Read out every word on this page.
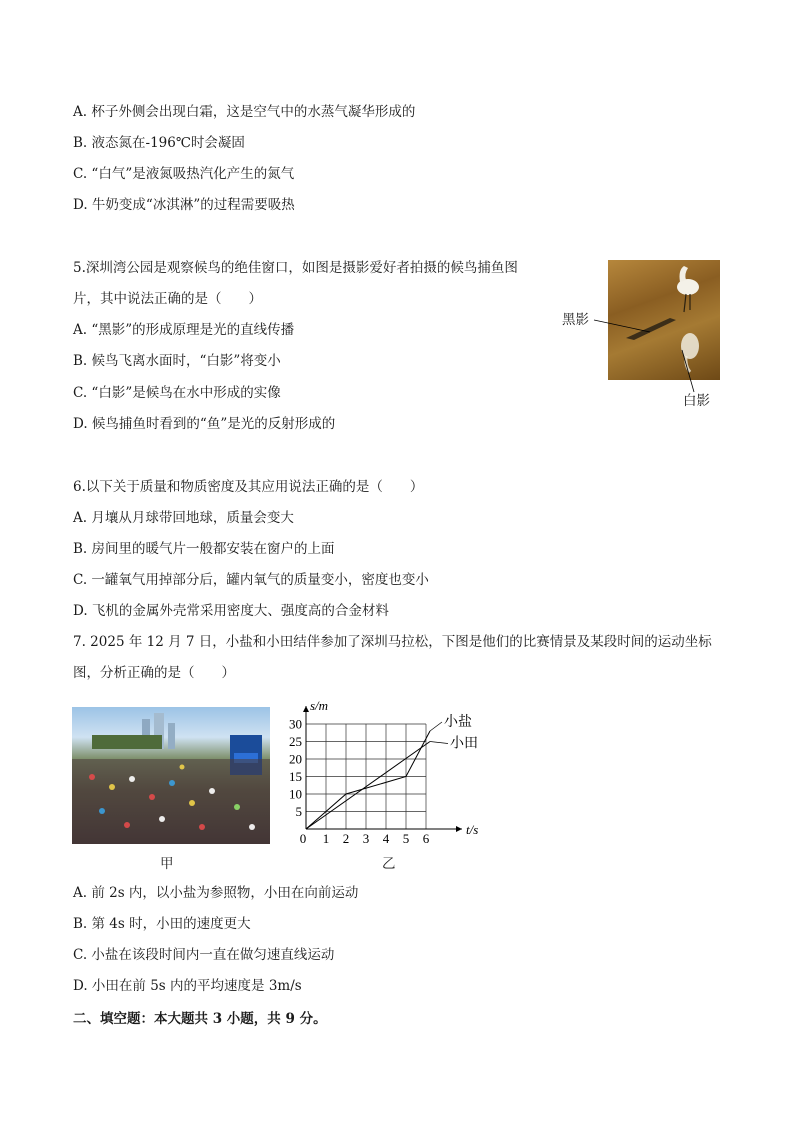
A. 杯子外侧会出现白霜，这是空气中的水蒸气凝华形成的
B. 液态氮在-196℃时会凝固
C. “白气”是液氮吸热汽化产生的氮气
D. 牛奶变成“冰淇淋”的过程需要吸热
5.深圳湾公园是观察候鸟的绝佳窗口，如图是摄影爱好者拍摄的候鸟捕鱼图
片，其中说法正确的是（　　）
A. “黑影”的形成原理是光的直线传播
B. 候鸟飞离水面时，“白影”将变小
C. “白影”是候鸟在水中形成的实像
D. 候鸟捕鱼时看到的“鱼”是光的反射形成的
黑影
白影
6.以下关于质量和物质密度及其应用说法正确的是（　　）
A. 月壤从月球带回地球，质量会变大
B. 房间里的暖气片一般都安装在窗户的上面
C. 一罐氧气用掉部分后，罐内氧气的质量变小，密度也变小
D. 飞机的金属外壳常采用密度大、强度高的合金材料
7. 2025 年 12 月 7 日，小盐和小田结伴参加了深圳马拉松，下图是他们的比赛情景及某段时间的运动坐标
图，分析正确的是（　　）
甲
0 1 2 3 4 5 6
5
10
15
20
25
30
s/m
t/s
小盐
小田
乙
A. 前 2s 内，以小盐为参照物，小田在向前运动
B. 第 4s 时，小田的速度更大
C. 小盐在该段时间内一直在做匀速直线运动
D. 小田在前 5s 内的平均速度是 3m/s
二、填空题：本大题共 3 小题，共 9 分。
